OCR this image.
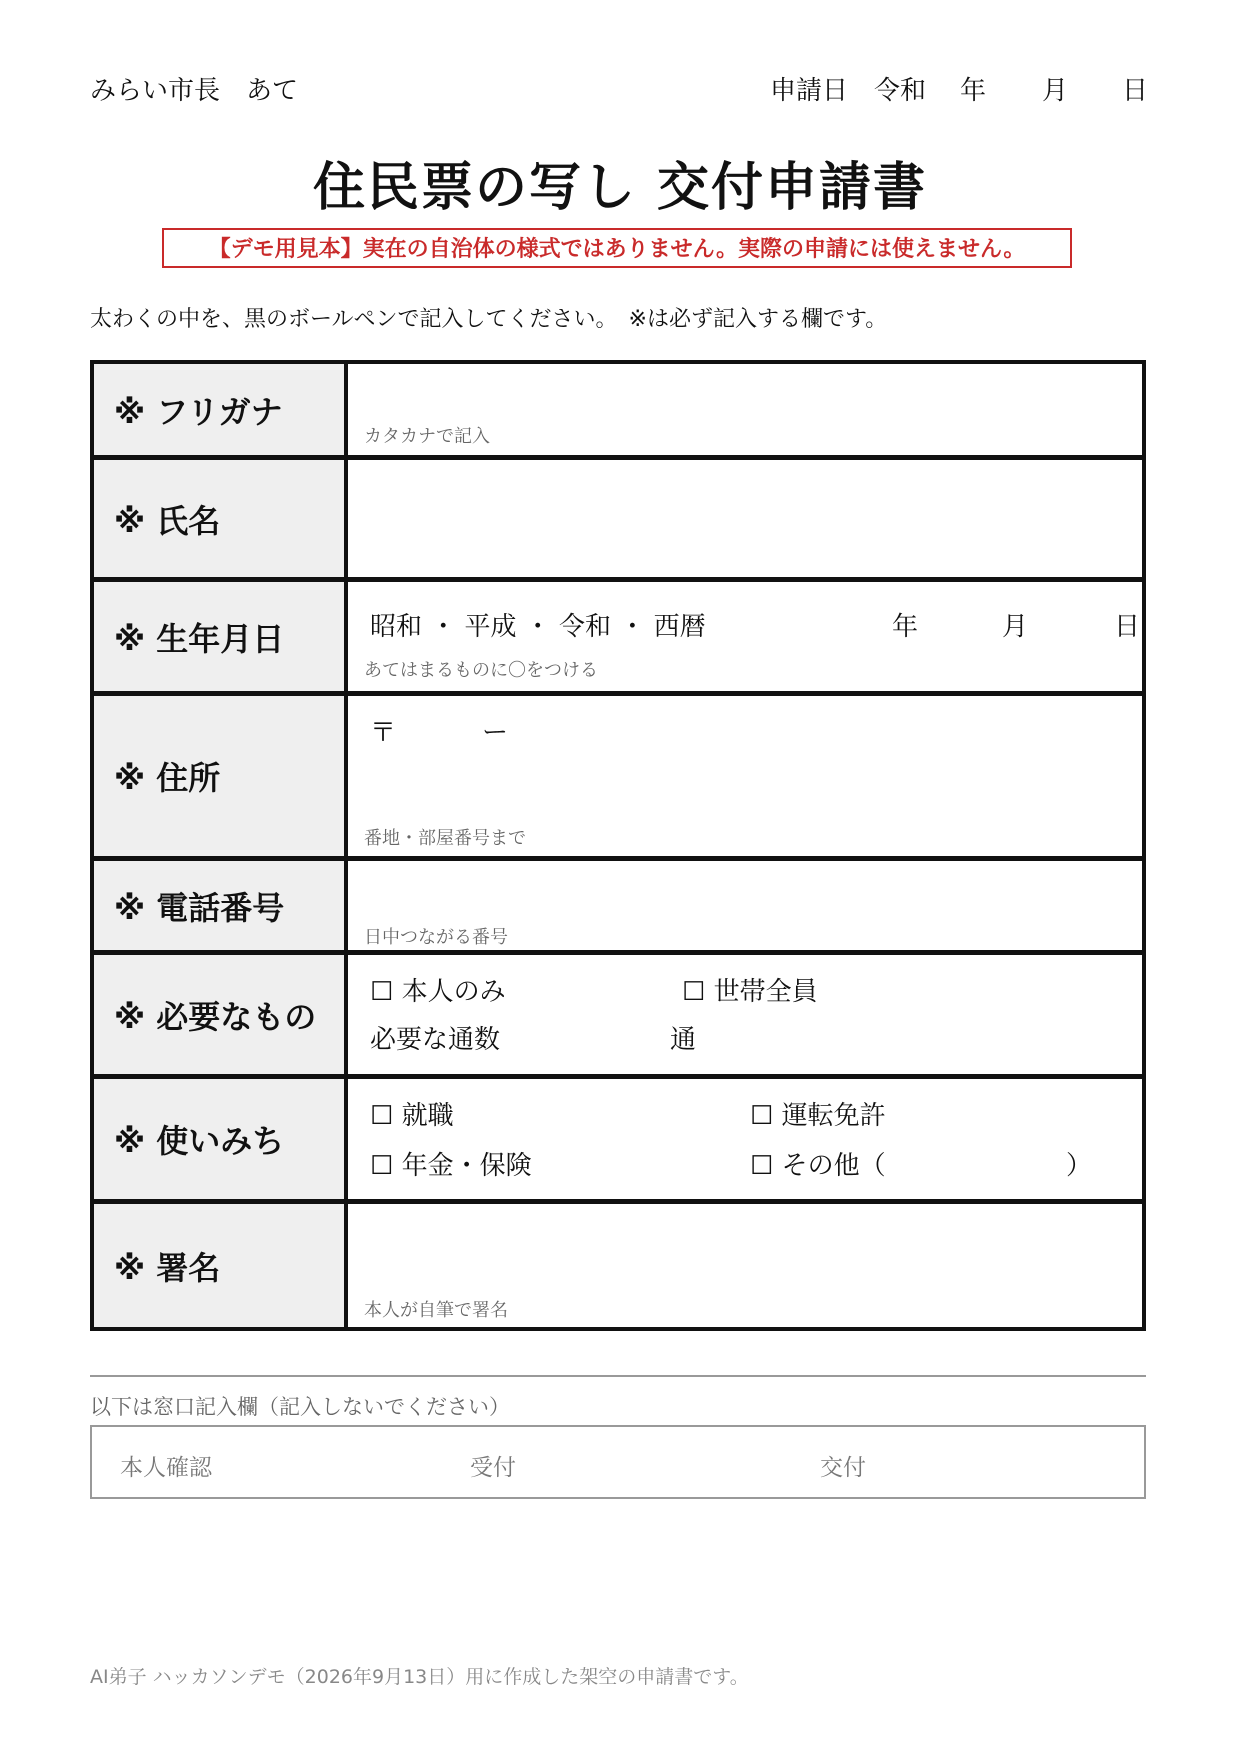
みらい市長　あて	申請日　令和	年	月	日
住民票の写し 交付申請書
【デモ用見本】実在の自治体の様式ではありません。実際の申請には使えません。
太わくの中を、黒のボールペンで記入してください。　※は必ず記入する欄です。
※ フリガナ
カタカナで記入
※ 氏名
※ 生年月日	昭和 ・ 平成 ・ 令和 ・ 西暦	年	月	日
あてはまるものに〇をつける
※ 住所
〒	ー
番地・部屋番号まで
※ 電話番号
日中つながる番号
※ 必要なもの
☐ 本人のみ	☐ 世帯全員
必要な通数	通
※ 使いみち
☐ 就職	☐ 運転免許
☐ 年金・保険	☐ その他（	）
※ 署名
本人が自筆で署名
以下は窓口記入欄（記入しないでください）
本人確認	受付	交付
AI弟子 ハッカソンデモ（2026年9月13日）用に作成した架空の申請書です。
